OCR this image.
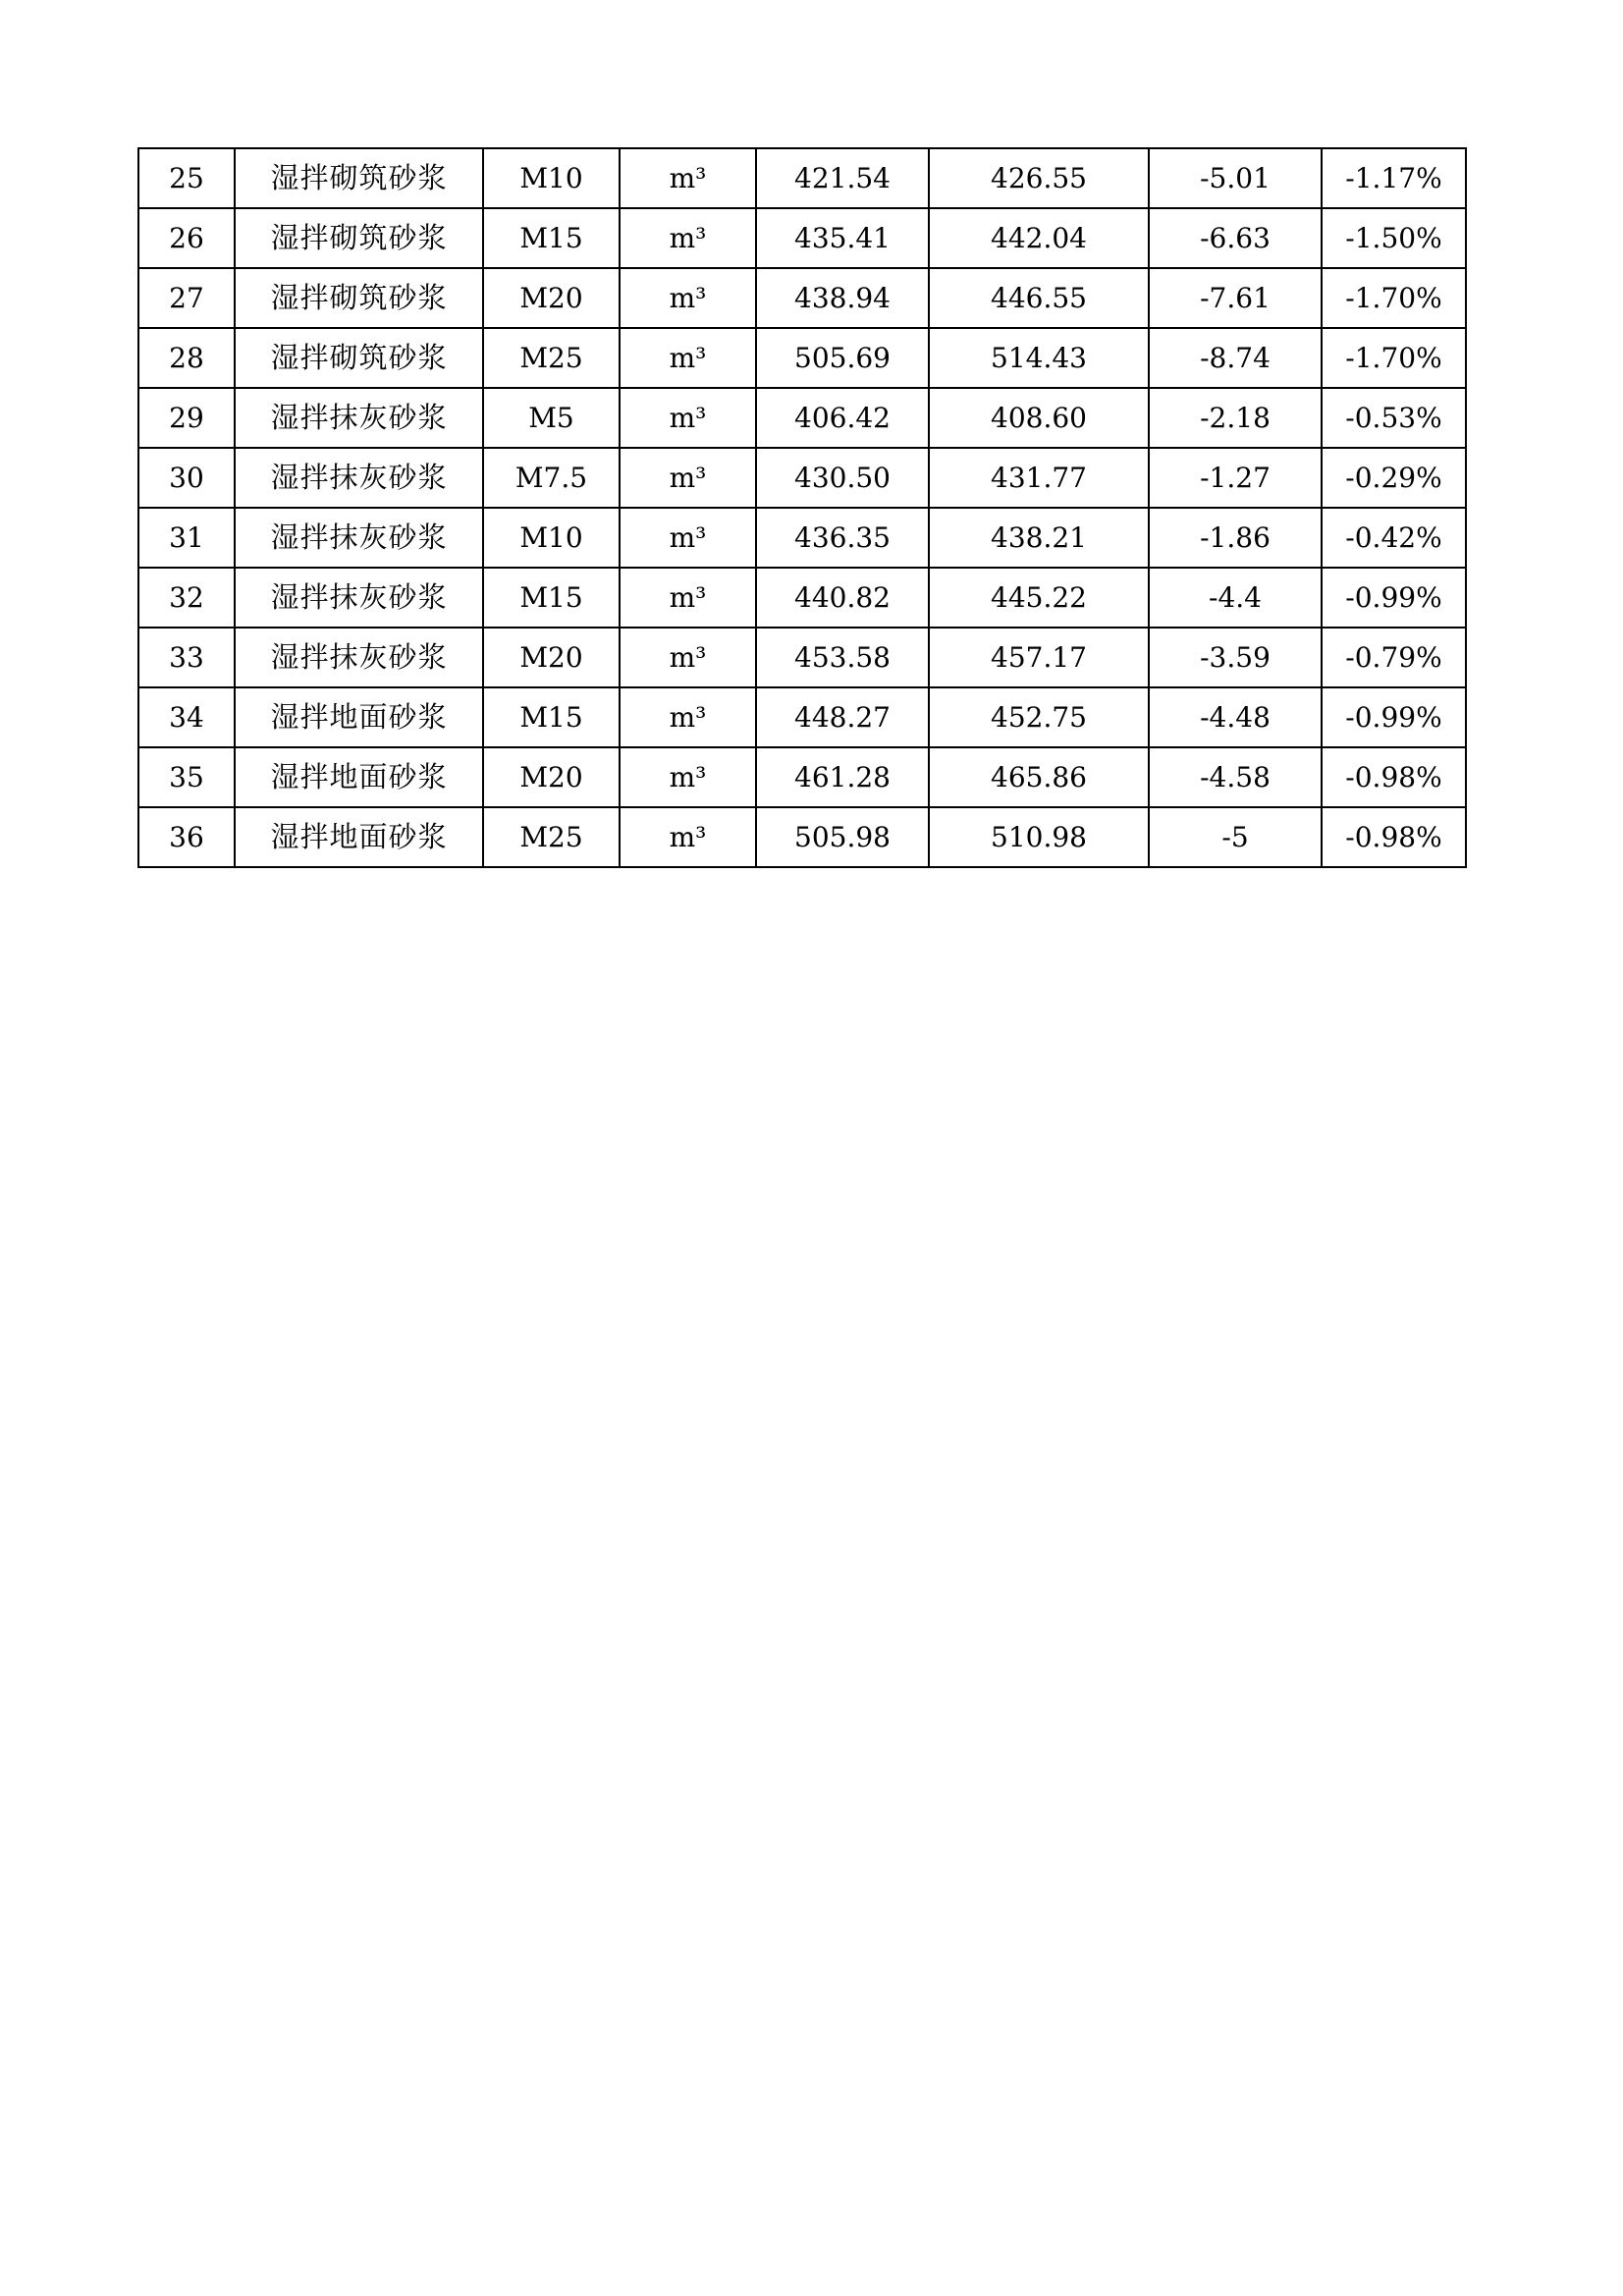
25	湿拌砌筑砂浆	M10	m³	421.54	426.55	-5.01	-1.17%
26	湿拌砌筑砂浆	M15	m³	435.41	442.04	-6.63	-1.50%
27	湿拌砌筑砂浆	M20	m³	438.94	446.55	-7.61	-1.70%
28	湿拌砌筑砂浆	M25	m³	505.69	514.43	-8.74	-1.70%
29	湿拌抹灰砂浆	M5	m³	406.42	408.60	-2.18	-0.53%
30	湿拌抹灰砂浆	M7.5	m³	430.50	431.77	-1.27	-0.29%
31	湿拌抹灰砂浆	M10	m³	436.35	438.21	-1.86	-0.42%
32	湿拌抹灰砂浆	M15	m³	440.82	445.22	-4.4	-0.99%
33	湿拌抹灰砂浆	M20	m³	453.58	457.17	-3.59	-0.79%
34	湿拌地面砂浆	M15	m³	448.27	452.75	-4.48	-0.99%
35	湿拌地面砂浆	M20	m³	461.28	465.86	-4.58	-0.98%
36	湿拌地面砂浆	M25	m³	505.98	510.98	-5	-0.98%
